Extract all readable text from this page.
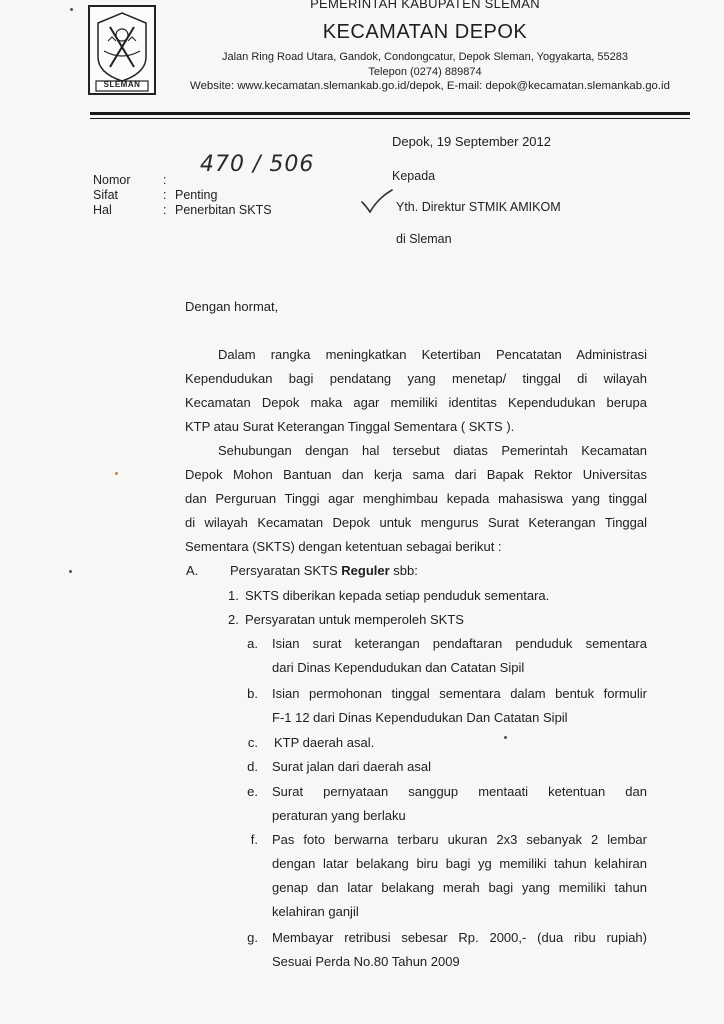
SLEMAN
PEMERINTAH KABUPATEN SLEMAN
KECAMATAN DEPOK
Jalan Ring Road Utara, Gandok, Condongcatur, Depok Sleman, Yogyakarta, 55283
Telepon (0274) 889874
Website: www.kecamatan.slemankab.go.id/depok, E-mail: depok@kecamatan.slemankab.go.id
Depok, 19 September 2012
Nomor	:
470 / 506
Sifat	: Penting
Hal	: Penerbitan SKTS
Kepada
Yth. Direktur STMIK AMIKOM
di Sleman
Dengan hormat,
Dalam rangka meningkatkan Ketertiban Pencatatan Administrasi
Kependudukan bagi pendatang yang menetap/ tinggal di wilayah
Kecamatan Depok maka agar memiliki identitas Kependudukan berupa
KTP atau Surat Keterangan Tinggal Sementara ( SKTS ).
Sehubungan dengan hal tersebut diatas Pemerintah Kecamatan
Depok Mohon Bantuan dan kerja sama dari Bapak Rektor Universitas
dan Perguruan Tinggi agar menghimbau kepada mahasiswa yang tinggal
di wilayah Kecamatan Depok untuk mengurus Surat Keterangan Tinggal
Sementara (SKTS) dengan ketentuan sebagai berikut :
A. Persyaratan SKTS Reguler sbb:
1. SKTS diberikan kepada setiap penduduk sementara.
2. Persyaratan untuk memperoleh SKTS
a. Isian surat keterangan pendaftaran penduduk sementara
dari Dinas Kependudukan dan Catatan Sipil
b. Isian permohonan tinggal sementara dalam bentuk formulir
F-1 12 dari Dinas Kependudukan Dan Catatan Sipil
c. KTP daerah asal.
d. Surat jalan dari daerah asal
e. Surat pernyataan sanggup mentaati ketentuan dan
peraturan yang berlaku
f. Pas foto berwarna terbaru ukuran 2x3 sebanyak 2 lembar
dengan latar belakang biru bagi yg memiliki tahun kelahiran
genap dan latar belakang merah bagi yang memiliki tahun
kelahiran ganjil
g. Membayar retribusi sebesar Rp. 2000,- (dua ribu rupiah)
Sesuai Perda No.80 Tahun 2009
